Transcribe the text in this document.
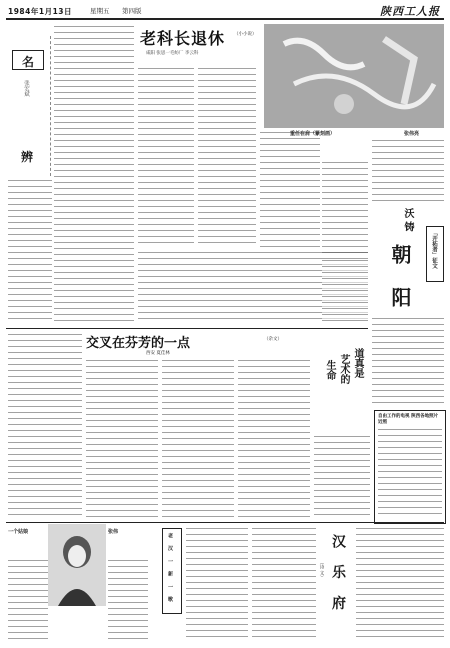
1984年1月13日	星期五 第四版	陕西工人报
名
张宏斌
辨
老科长退休 （小小说）
咸阳 张思一毛纺厂 李云科
重任在肩（篆刻画）	张伟亮
沃 铸
朝 阳	「开拓者」征文
交叉在芬芳的一点	（杂文）
西安 夏佳林	道真是
艺术的
生命
自由工作的电视 陕西各地照片近照
一个姑娘	张伟
老 汉 一 新 一 歌	汉 乐 府
（诗 文）
